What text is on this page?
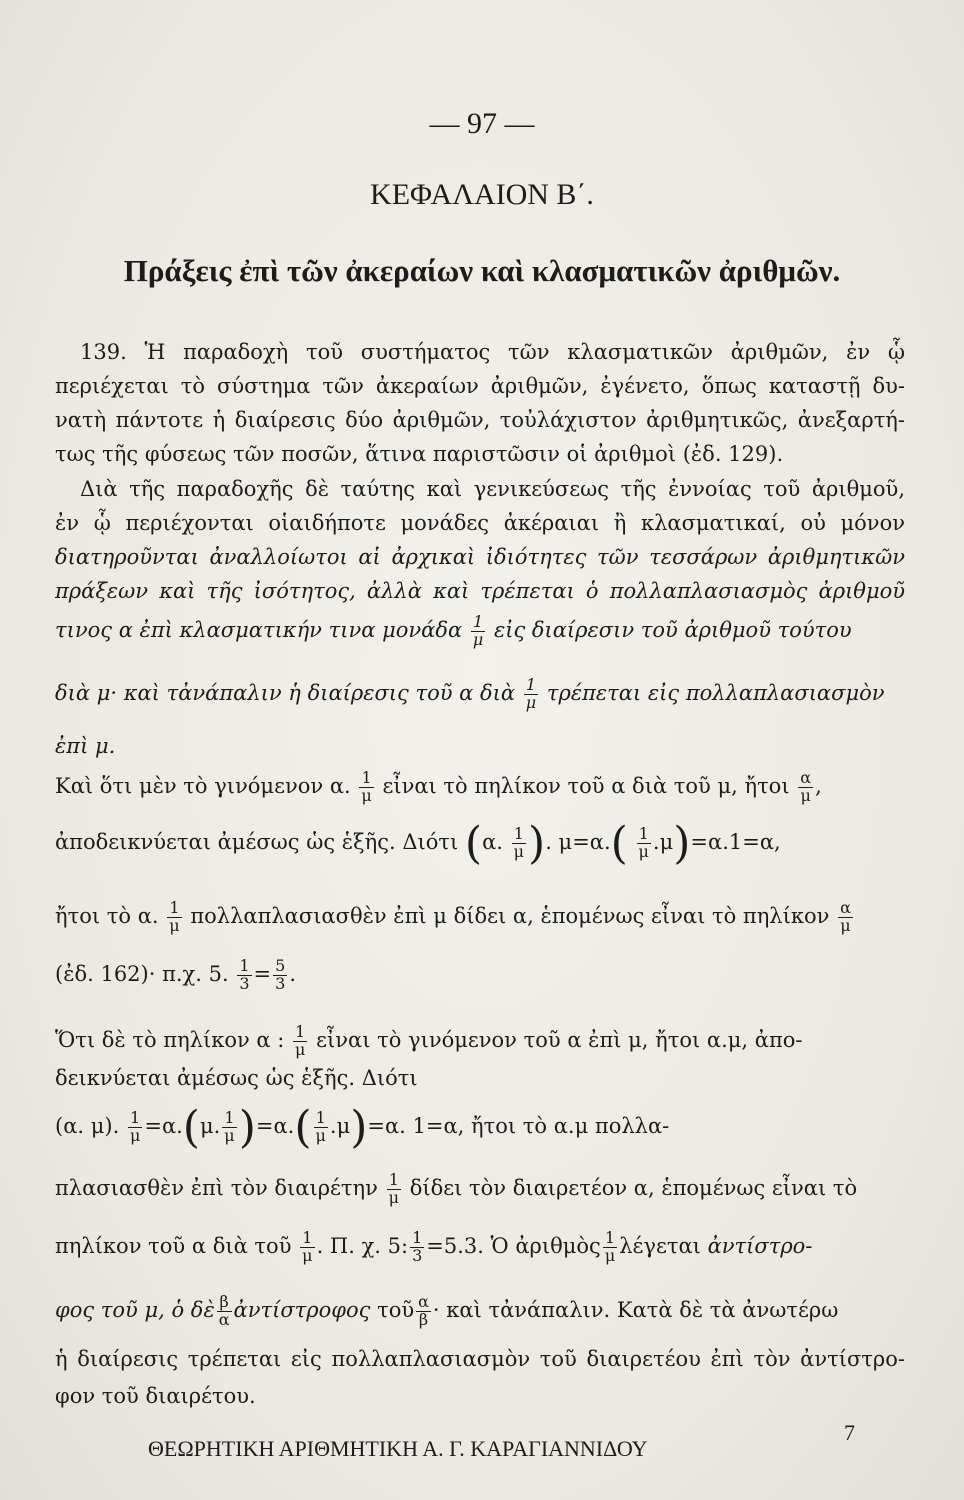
— 97 —
ΚΕΦΑΛΑΙΟΝ Β΄.
Πράξεις ἐπὶ τῶν ἀκεραίων καὶ κλασματικῶν ἀριθμῶν.
139. Ἡ παραδοχὴ τοῦ συστήματος τῶν κλασματικῶν ἀριθμῶν, ἐν ᾧ
περιέχεται τὸ σύστημα τῶν ἀκεραίων ἀριθμῶν, ἐγένετο, ὅπως καταστῇ δυ-
νατὴ πάντοτε ἡ διαίρεσις δύο ἀριθμῶν, τοὐλάχιστον ἀριθμητικῶς, ἀνεξαρτή-
τως τῆς φύσεως τῶν ποσῶν, ἅτινα παριστῶσιν οἱ ἀριθμοὶ (ἐδ. 129).
Διὰ τῆς παραδοχῆς δὲ ταύτης καὶ γενικεύσεως τῆς ἐννοίας τοῦ ἀριθμοῦ,
ἐν ᾧ περιέχονται οἱαιδήποτε μονάδες ἀκέραιαι ἢ κλασματικαί, οὐ μόνον
διατηροῦνται ἀναλλοίωτοι αἱ ἀρχικαὶ ἰδιότητες τῶν τεσσάρων ἀριθμητικῶν
πράξεων καὶ τῆς ἰσότητος, ἀλλὰ καὶ τρέπεται ὁ πολλαπλασιασμὸς ἀριθμοῦ
τινος α ἐπὶ κλασματικήν τινα μονάδα $\frac{1}{\mu}$ εἰς διαίρεσιν τοῦ ἀριθμοῦ τούτου
διὰ μ· καὶ τἀνάπαλιν ἡ διαίρεσις τοῦ α διὰ $\frac{1}{\mu}$ τρέπεται εἰς πολλαπλασιασμὸν
ἐπὶ μ.
Καὶ ὅτι μὲν τὸ γινόμενον α. $\frac{1}{\mu}$ εἶναι τὸ πηλίκον τοῦ α διὰ τοῦ μ, ἤτοι $\frac{\alpha}{\mu}$ ,
ἀποδεικνύεται ἀμέσως ὡς ἑξῆς. Διότι (α. $\frac{1}{\mu}$ ). $\mu=\alpha.( \frac{1}{\mu} .\mu)=\alpha.1=\alpha$,
ἤτοι τὸ α. $\frac{1}{\mu}$ πολλαπλασιασθὲν ἐπὶ μ δίδει α, ἑπομένως εἶναι τὸ πηλίκον $\frac{\alpha}{\mu}$
(ἐδ. 162)· π.χ. 5. $\frac{1}{3} = \frac{5}{3}$ .
Ὅτι δὲ τὸ πηλίκον α : $\frac{1}{\mu}$ εἶναι τὸ γινόμενον τοῦ α ἐπὶ μ, ἤτοι α.μ, ἀπο-
δεικνύεται ἀμέσως ὡς ἑξῆς. Διότι
(α. μ). $\frac{1}{\mu} =\alpha.(\mu$. $\frac{1}{\mu} )=\alpha.( \frac{1}{\mu} .\mu)=\alpha$. 1=α, ἤτοι τὸ α.μ πολλα-
πλασιασθὲν ἐπὶ τὸν διαιρέτην $\frac{1}{\mu}$ δίδει τὸν διαιρετέον α, ἑπομένως εἶναι τὸ
πηλίκον τοῦ α διὰ τοῦ $\frac{1}{\mu}$ . Π. χ. 5: $\frac{1}{3} =5.3$. Ὁ ἀριθμὸς $\frac{1}{\mu}$ λέγεται ἀντίστρο-
φος τοῦ μ, ὁ δὲ $\frac{\beta}{\alpha}$ ἀντίστροφος τοῦ $\frac{\alpha}{\beta}$ · καὶ τἀνάπαλιν. Κατὰ δὲ τὰ ἀνωτέρω
ἡ διαίρεσις τρέπεται εἰς πολλαπλασιασμὸν τοῦ διαιρετέου ἐπὶ τὸν ἀντίστρο-
φον τοῦ διαιρέτου.
ΘΕΩΡΗΤΙΚΗ ΑΡΙΘΜΗΤΙΚΗ Α. Γ. ΚΑΡΑΓΙΑΝΝΙΔΟΥ
7
